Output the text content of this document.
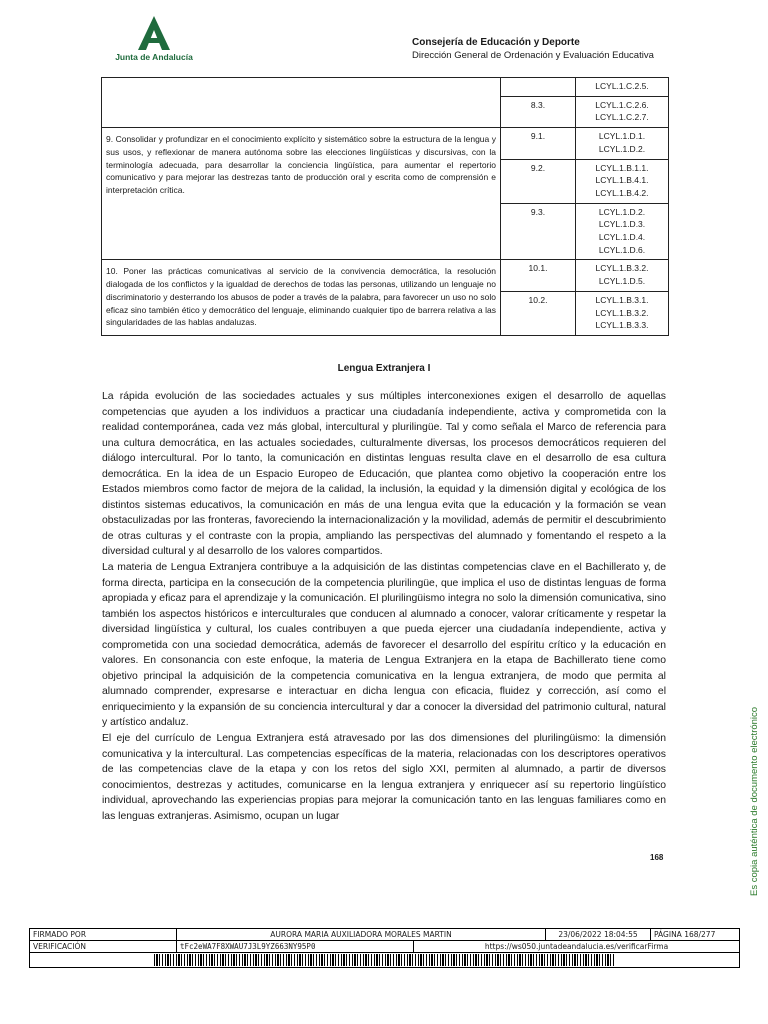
Junta de Andalucía
Consejería de Educación y Deporte
Dirección General de Ordenación y Evaluación Educativa

		LCYL.1.C.2.5.

	8.3.	LCYL.1.C.2.6.
LCYL.1.C.2.7.

9. Consolidar y profundizar en el conocimiento explícito y sistemático sobre la estructura de la lengua y sus usos, y reflexionar de manera autónoma sobre las elecciones lingüísticas y discursivas, con la terminología adecuada, para desarrollar la conciencia lingüística, para aumentar el repertorio comunicativo y para mejorar las destrezas tanto de producción oral y escrita como de comprensión e interpretación crítica.	9.1.	LCYL.1.D.1.
LCYL.1.D.2.

	9.2.	LCYL.1.B.1.1.
LCYL.1.B.4.1.
LCYL.1.B.4.2.

	9.3.	LCYL.1.D.2.
LCYL.1.D.3.
LCYL.1.D.4.
LCYL.1.D.6.

10. Poner las prácticas comunicativas al servicio de la convivencia democrática, la resolución dialogada de los conflictos y la igualdad de derechos de todas las personas, utilizando un lenguaje no discriminatorio y desterrando los abusos de poder a través de la palabra, para favorecer un uso no solo eficaz sino también ético y democrático del lenguaje, eliminando cualquier tipo de barrera relativa a las singularidades de las hablas andaluzas.	10.1.	LCYL.1.B.3.2.
LCYL.1.D.5.

	10.2.	LCYL.1.B.3.1.
LCYL.1.B.3.2.
LCYL.1.B.3.3.
Lengua Extranjera I

La rápida evolución de las sociedades actuales y sus múltiples interconexiones exigen el desarrollo de aquellas competencias que ayuden a los individuos a practicar una ciudadanía independiente, activa y comprometida con la realidad contemporánea, cada vez más global, intercultural y plurilingüe. Tal y como señala el Marco de referencia para una cultura democrática, en las actuales sociedades, culturalmente diversas, los procesos democráticos requieren del diálogo intercultural. Por lo tanto, la comunicación en distintas lenguas resulta clave en el desarrollo de esa cultura democrática. En la idea de un Espacio Europeo de Educación, que plantea como objetivo la cooperación entre los Estados miembros como factor de mejora de la calidad, la inclusión, la equidad y la dimensión digital y ecológica de los distintos sistemas educativos, la comunicación en más de una lengua evita que la educación y la formación se vean obstaculizadas por las fronteras, favoreciendo la internacionalización y la movilidad, además de permitir el descubrimiento de otras culturas y el contraste con la propia, ampliando las perspectivas del alumnado y fomentando el respeto a la diversidad cultural y al desarrollo de los valores compartidos.

La materia de Lengua Extranjera contribuye a la adquisición de las distintas competencias clave en el Bachillerato y, de forma directa, participa en la consecución de la competencia plurilingüe, que implica el uso de distintas lenguas de forma apropiada y eficaz para el aprendizaje y la comunicación. El plurilingüismo integra no solo la dimensión comunicativa, sino también los aspectos históricos e interculturales que conducen al alumnado a conocer, valorar críticamente y respetar la diversidad lingüística y cultural, los cuales contribuyen a que pueda ejercer una ciudadanía independiente, activa y comprometida con una sociedad democrática, además de favorecer el desarrollo del espíritu crítico y la educación en valores. En consonancia con este enfoque, la materia de Lengua Extranjera en la etapa de Bachillerato tiene como objetivo principal la adquisición de la competencia comunicativa en la lengua extranjera, de modo que permita al alumnado comprender, expresarse e interactuar en dicha lengua con eficacia, fluidez y corrección, así como el enriquecimiento y la expansión de su conciencia intercultural y dar a conocer la diversidad del patrimonio cultural, natural y artístico andaluz.

El eje del currículo de Lengua Extranjera está atravesado por las dos dimensiones del plurilingüismo: la dimensión comunicativa y la intercultural. Las competencias específicas de la materia, relacionadas con los descriptores operativos de las competencias clave de la etapa y con los retos del siglo XXI, permiten al alumnado, a partir de diversos conocimientos, destrezas y actitudes, comunicarse en la lengua extranjera y enriquecer así su repertorio lingüístico individual, aprovechando las experiencias propias para mejorar la comunicación tanto en las lenguas familiares como en las lenguas extranjeras. Asimismo, ocupan un lugar

168	Es copia auténtica de documento electrónico
FIRMADO POR	AURORA MARIA AUXILIADORA MORALES MARTIN		23/06/2022 18:04:55	PÁGINA 168/277
VERIFICACIÓN	tFc2eWA7F8XWAU7J3L9YZ663NY95P0	https://ws050.juntadeandalucia.es/verificarFirma		
